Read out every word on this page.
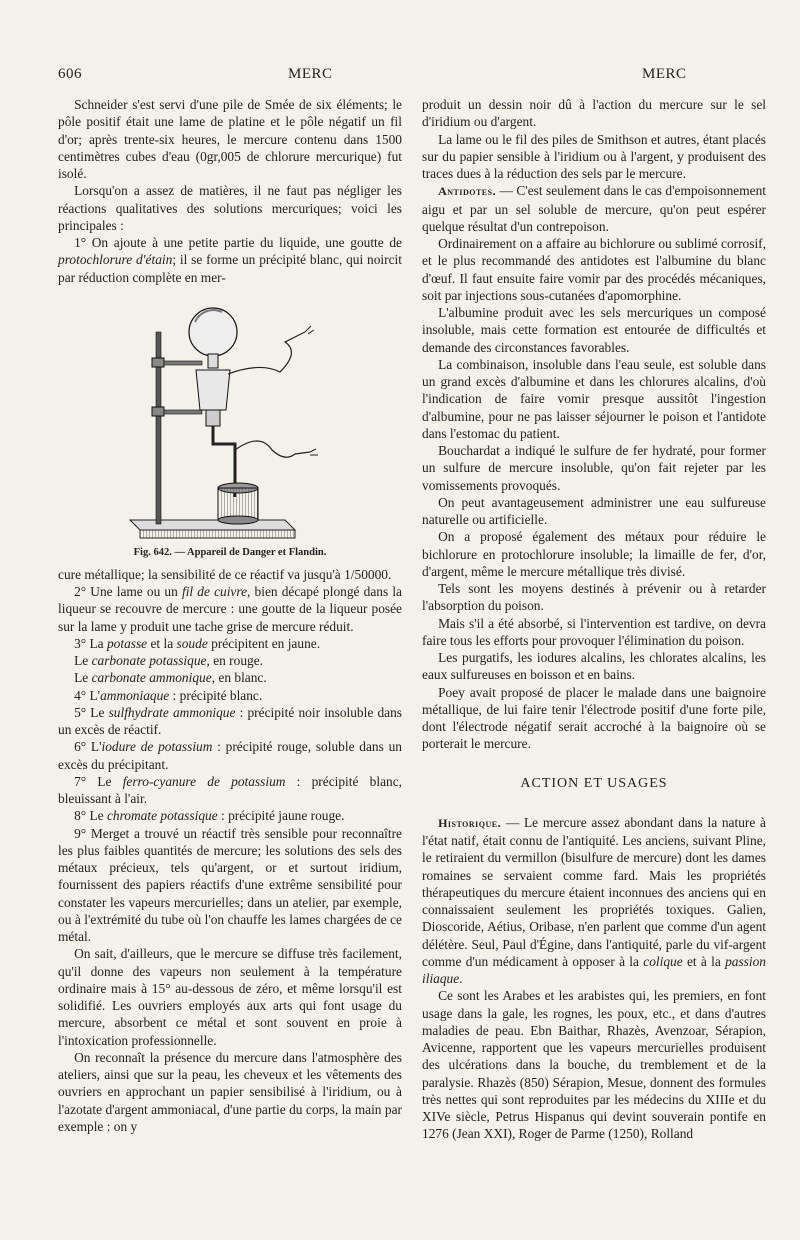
606	MERC	MERC

Schneider s'est servi d'une pile de Smée de six éléments; le pôle positif était une lame de platine et le pôle négatif un fil d'or; après trente-six heures, le mercure contenu dans 1500 centimètres cubes d'eau (0gr,005 de chlorure mercurique) fut isolé.

Lorsqu'on a assez de matières, il ne faut pas négliger les réactions qualitatives des solutions mercuriques; voici les principales :

1° On ajoute à une petite partie du liquide, une goutte de protochlorure d'étain; il se forme un précipité blanc, qui noircit par réduction complète en mer-

Fig. 642. — Appareil de Danger et Flandin.

cure métallique; la sensibilité de ce réactif va jusqu'à 1/50000.

2° Une lame ou un fil de cuivre, bien décapé plongé dans la liqueur se recouvre de mercure : une goutte de la liqueur posée sur la lame y produit une tache grise de mercure réduit.

3° La potasse et la soude précipitent en jaune.

Le carbonate potassique, en rouge.

Le carbonate ammonique, en blanc.

4° L'ammoniaque : précipité blanc.

5° Le sulfhydrate ammonique : précipité noir insoluble dans un excès de réactif.

6° L'iodure de potassium : précipité rouge, soluble dans un excès du précipitant.

7° Le ferro-cyanure de potassium : précipité blanc, bleuissant à l'air.

8° Le chromate potassique : précipité jaune rouge.

9° Merget a trouvé un réactif très sensible pour reconnaître les plus faibles quantités de mercure; les solutions des sels des métaux précieux, tels qu'argent, or et surtout iridium, fournissent des papiers réactifs d'une extrême sensibilité pour constater les vapeurs mercurielles; dans un atelier, par exemple, ou à l'extrémité du tube où l'on chauffe les lames chargées de ce métal.

On sait, d'ailleurs, que le mercure se diffuse très facilement, qu'il donne des vapeurs non seulement à la température ordinaire mais à 15° au-dessous de zéro, et même lorsqu'il est solidifié. Les ouvriers employés aux arts qui font usage du mercure, absorbent ce métal et sont souvent en proie à l'intoxication professionnelle.

On reconnaît la présence du mercure dans l'atmosphère des ateliers, ainsi que sur la peau, les cheveux et les vêtements des ouvriers en approchant un papier sensibilisé à l'iridium, ou à l'azotate d'argent ammoniacal, d'une partie du corps, la main par exemple : on y

produit un dessin noir dû à l'action du mercure sur le sel d'iridium ou d'argent.

La lame ou le fil des piles de Smithson et autres, étant placés sur du papier sensible à l'iridium ou à l'argent, y produisent des traces dues à la réduction des sels par le mercure.

Antidotes. — C'est seulement dans le cas d'empoisonnement aigu et par un sel soluble de mercure, qu'on peut espérer quelque résultat d'un contrepoison.

Ordinairement on a affaire au bichlorure ou sublimé corrosif, et le plus recommandé des antidotes est l'albumine du blanc d'œuf. Il faut ensuite faire vomir par des procédés mécaniques, soit par injections sous-cutanées d'apomorphine.

L'albumine produit avec les sels mercuriques un composé insoluble, mais cette formation est entourée de difficultés et demande des circonstances favorables.

La combinaison, insoluble dans l'eau seule, est soluble dans un grand excès d'albumine et dans les chlorures alcalins, d'où l'indication de faire vomir presque aussitôt l'ingestion d'albumine, pour ne pas laisser séjourner le poison et l'antidote dans l'estomac du patient.

Bouchardat a indiqué le sulfure de fer hydraté, pour former un sulfure de mercure insoluble, qu'on fait rejeter par les vomissements provoqués.

On peut avantageusement administrer une eau sulfureuse naturelle ou artificielle.

On a proposé également des métaux pour réduire le bichlorure en protochlorure insoluble; la limaille de fer, d'or, d'argent, même le mercure métallique très divisé.

Tels sont les moyens destinés à prévenir ou à retarder l'absorption du poison.

Mais s'il a été absorbé, si l'intervention est tardive, on devra faire tous les efforts pour provoquer l'élimination du poison.

Les purgatifs, les iodures alcalins, les chlorates alcalins, les eaux sulfureuses en boisson et en bains.

Poey avait proposé de placer le malade dans une baignoire métallique, de lui faire tenir l'électrode positif d'une forte pile, dont l'électrode négatif serait accroché à la baignoire où se porterait le mercure.

ACTION ET USAGES

Historique. — Le mercure assez abondant dans la nature à l'état natif, était connu de l'antiquité. Les anciens, suivant Pline, le retiraient du vermillon (bisulfure de mercure) dont les dames romaines se servaient comme fard. Mais les propriétés thérapeutiques du mercure étaient inconnues des anciens qui en connaissaient seulement les propriétés toxiques. Galien, Dioscoride, Aétius, Oribase, n'en parlent que comme d'un agent délétère. Seul, Paul d'Égine, dans l'antiquité, parle du vif-argent comme d'un médicament à opposer à la colique et à la passion iliaque.

Ce sont les Arabes et les arabistes qui, les premiers, en font usage dans la gale, les rognes, les poux, etc., et dans d'autres maladies de peau. Ebn Baithar, Rhazès, Avenzoar, Sérapion, Avicenne, rapportent que les vapeurs mercurielles produisent des ulcérations dans la bouche, du tremblement et de la paralysie. Rhazès (850) Sérapion, Mesue, donnent des formules très nettes qui sont reproduites par les médecins du XIIIe et du XIVe siècle, Petrus Hispanus qui devint souverain pontife en 1276 (Jean XXI), Roger de Parme (1250), Rolland
